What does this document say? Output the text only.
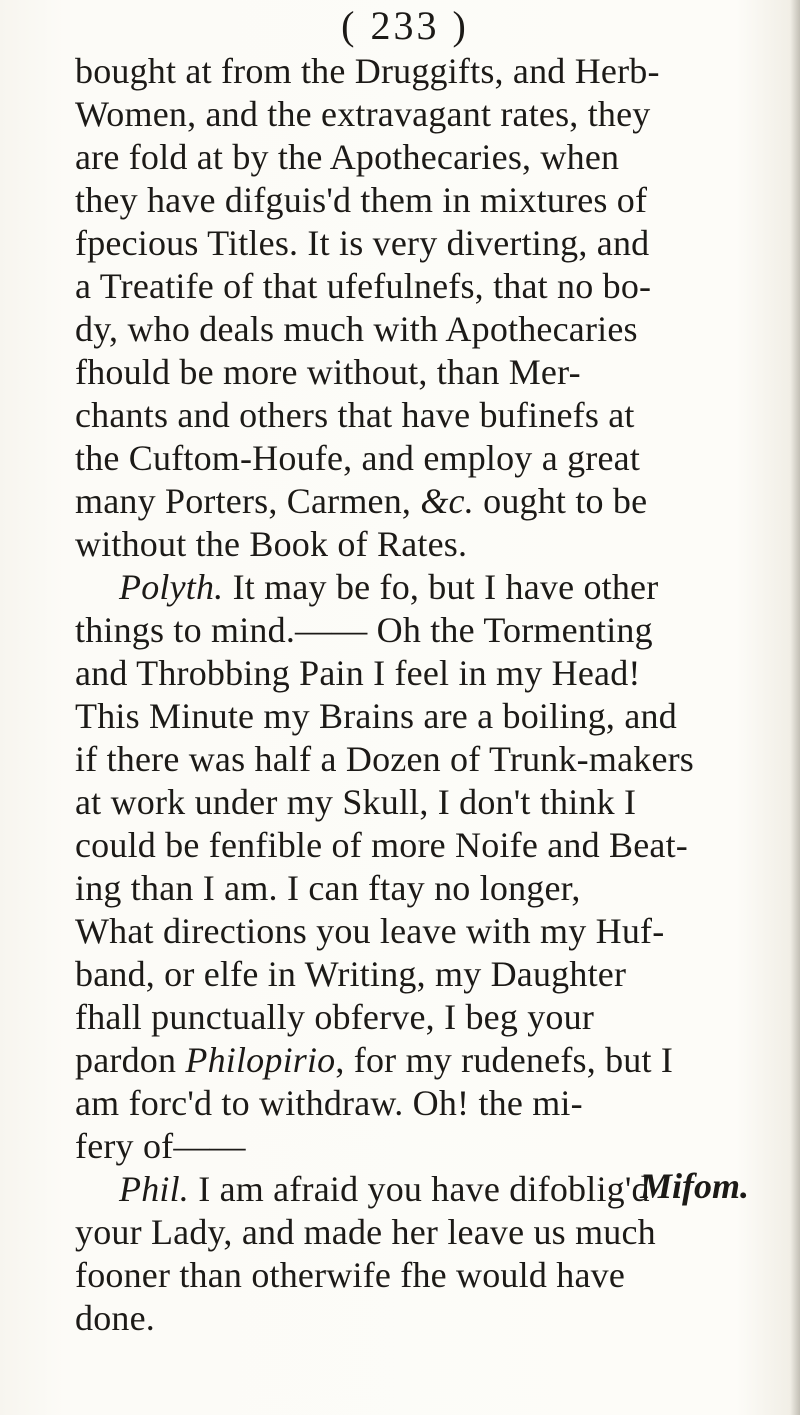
( 233 )
bought at from the Druggifts, and Herb-
Women, and the extravagant rates, they
are fold at by the Apothecaries, when
they have difguis'd them in mixtures of
fpecious Titles. It is very diverting, and
a Treatife of that ufefulnefs, that no bo-
dy, who deals much with Apothecaries
fhould be more without, than Mer-
chants and others that have bufinefs at
the Cuftom-Houfe, and employ a great
many Porters, Carmen, &c. ought to be
without the Book of Rates.
Polyth. It may be fo, but I have other
things to mind.—— Oh the Tormenting
and Throbbing Pain I feel in my Head!
This Minute my Brains are a boiling, and
if there was half a Dozen of Trunk-makers
at work under my Skull, I don't think I
could be fenfible of more Noife and Beat-
ing than I am. I can ftay no longer,
What directions you leave with my Huf-
band, or elfe in Writing, my Daughter
fhall punctually obferve, I beg your
pardon Philopirio, for my rudenefs, but I
am forc'd to withdraw. Oh! the mi-
fery of——
Phil. I am afraid you have difoblig'd
your Lady, and made her leave us much
fooner than otherwife fhe would have
done.
Mifom.
